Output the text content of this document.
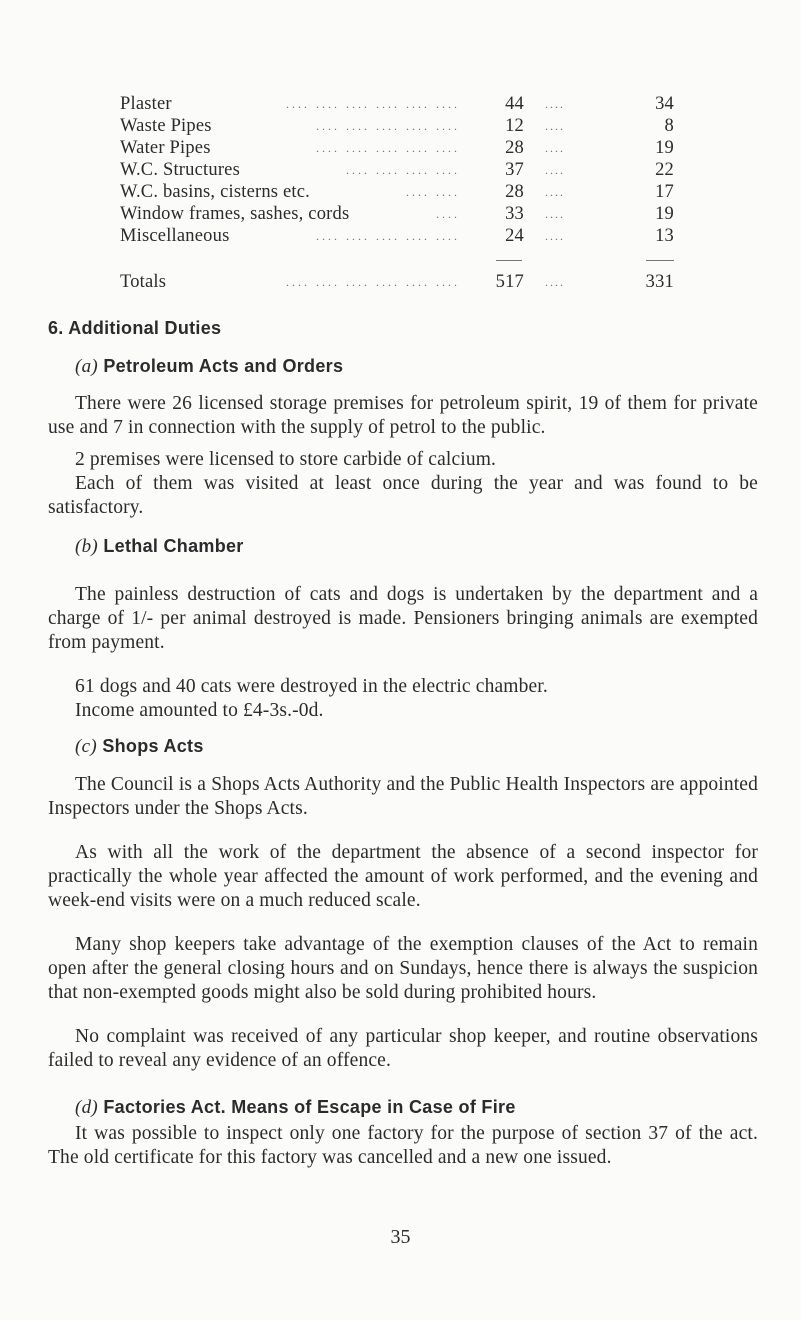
Plaster	.... .... .... .... .... ....	44	....	34
Waste Pipes	.... .... .... .... ....	12	....	8
Water Pipes	.... .... .... .... ....	28	....	19
W.C. Structures	.... .... .... ....	37	....	22
W.C. basins, cisterns etc.	.... ....	28	....	17
Window frames, sashes, cords	....	33	....	19
Miscellaneous	.... .... .... .... ....	24	....	13
Totals	.... .... .... .... .... ....	517	....	331
6. Additional Duties
(a) Petroleum Acts and Orders

There were 26 licensed storage premises for petroleum spirit, 19 of them for private use and 7 in connection with the supply of petrol to the public.

2 premises were licensed to store carbide of calcium.

Each of them was visited at least once during the year and was found to be satisfactory.

(b) Lethal Chamber

The painless destruction of cats and dogs is undertaken by the department and a charge of 1/- per animal destroyed is made. Pensioners bringing animals are exempted from payment.

61 dogs and 40 cats were destroyed in the electric chamber.

Income amounted to £4-3s.-0d.

(c) Shops Acts

The Council is a Shops Acts Authority and the Public Health Inspectors are appointed Inspectors under the Shops Acts.

As with all the work of the department the absence of a second inspector for practically the whole year affected the amount of work performed, and the evening and week-end visits were on a much reduced scale.

Many shop keepers take advantage of the exemption clauses of the Act to remain open after the general closing hours and on Sundays, hence there is always the suspicion that non-exempted goods might also be sold during prohibited hours.

No complaint was received of any particular shop keeper, and routine observations failed to reveal any evidence of an offence.

(d) Factories Act. Means of Escape in Case of Fire

It was possible to inspect only one factory for the purpose of section 37 of the act. The old certificate for this factory was cancelled and a new one issued.

35
